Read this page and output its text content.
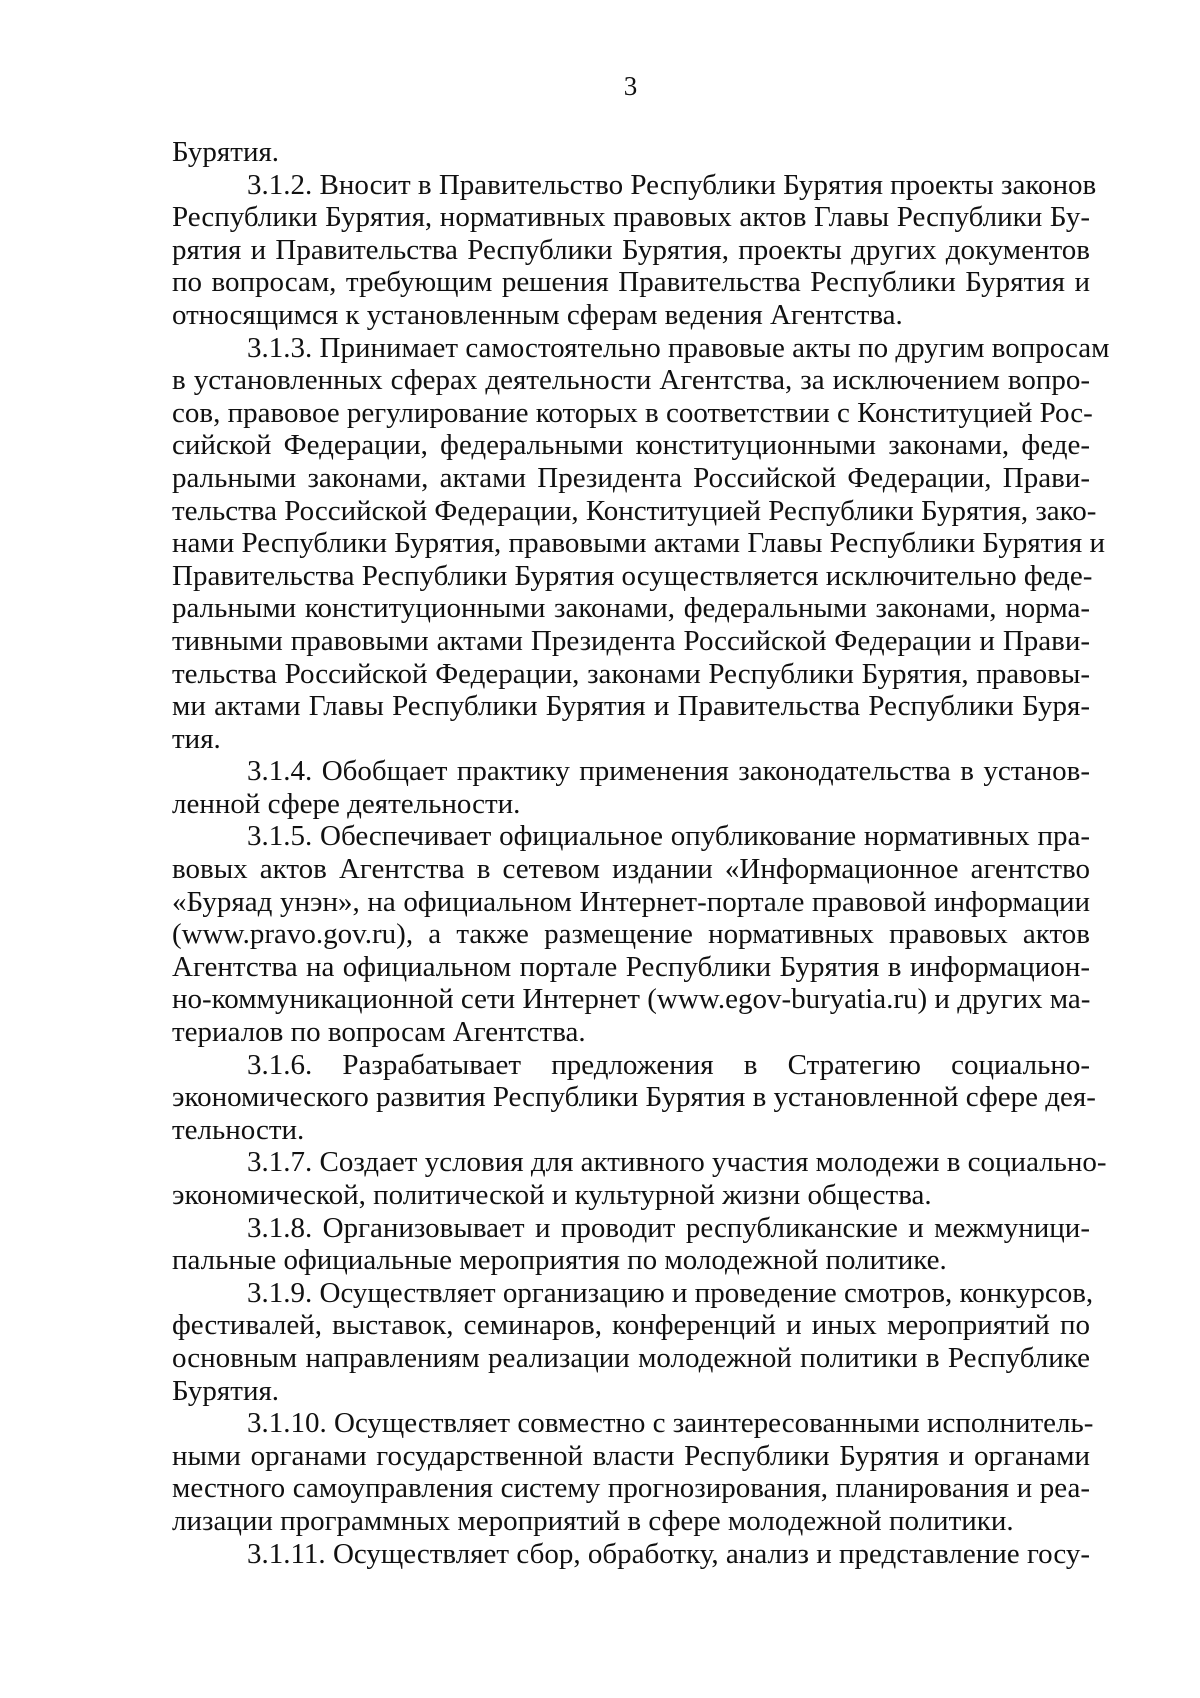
3
Бурятия.
3.1.2. Вносит в Правительство Республики Бурятия проекты законов
Республики Бурятия, нормативных правовых актов Главы Республики Бу-
рятия и Правительства Республики Бурятия, проекты других документов
по вопросам, требующим решения Правительства Республики Бурятия и
относящимся к установленным сферам ведения Агентства.
3.1.3. Принимает самостоятельно правовые акты по другим вопросам
в установленных сферах деятельности Агентства, за исключением вопро-
сов, правовое регулирование которых в соответствии с Конституцией Рос-
сийской Федерации, федеральными конституционными законами, феде-
ральными законами, актами Президента Российской Федерации, Прави-
тельства Российской Федерации, Конституцией Республики Бурятия, зако-
нами Республики Бурятия, правовыми актами Главы Республики Бурятия и
Правительства Республики Бурятия осуществляется исключительно феде-
ральными конституционными законами, федеральными законами, норма-
тивными правовыми актами Президента Российской Федерации и Прави-
тельства Российской Федерации, законами Республики Бурятия, правовы-
ми актами Главы Республики Бурятия и Правительства Республики Буря-
тия.
3.1.4. Обобщает практику применения законодательства в установ-
ленной сфере деятельности.
3.1.5. Обеспечивает официальное опубликование нормативных пра-
вовых актов Агентства в сетевом издании «Информационное агентство
«Буряад унэн», на официальном Интернет-портале правовой информации
(www.pravo.gov.ru), а также размещение нормативных правовых актов
Агентства на официальном портале Республики Бурятия в информацион-
но-коммуникационной сети Интернет (www.egov-buryatia.ru) и других ма-
териалов по вопросам Агентства.
3.1.6. Разрабатывает предложения в Стратегию социально-
экономического развития Республики Бурятия в установленной сфере дея-
тельности.
3.1.7. Создает условия для активного участия молодежи в социально-
экономической, политической и культурной жизни общества.
3.1.8. Организовывает и проводит республиканские и межмуници-
пальные официальные мероприятия по молодежной политике.
3.1.9. Осуществляет организацию и проведение смотров, конкурсов,
фестивалей, выставок, семинаров, конференций и иных мероприятий по
основным направлениям реализации молодежной политики в Республике
Бурятия.
3.1.10. Осуществляет совместно с заинтересованными исполнитель-
ными органами государственной власти Республики Бурятия и органами
местного самоуправления систему прогнозирования, планирования и реа-
лизации программных мероприятий в сфере молодежной политики.
3.1.11. Осуществляет сбор, обработку, анализ и представление госу-
